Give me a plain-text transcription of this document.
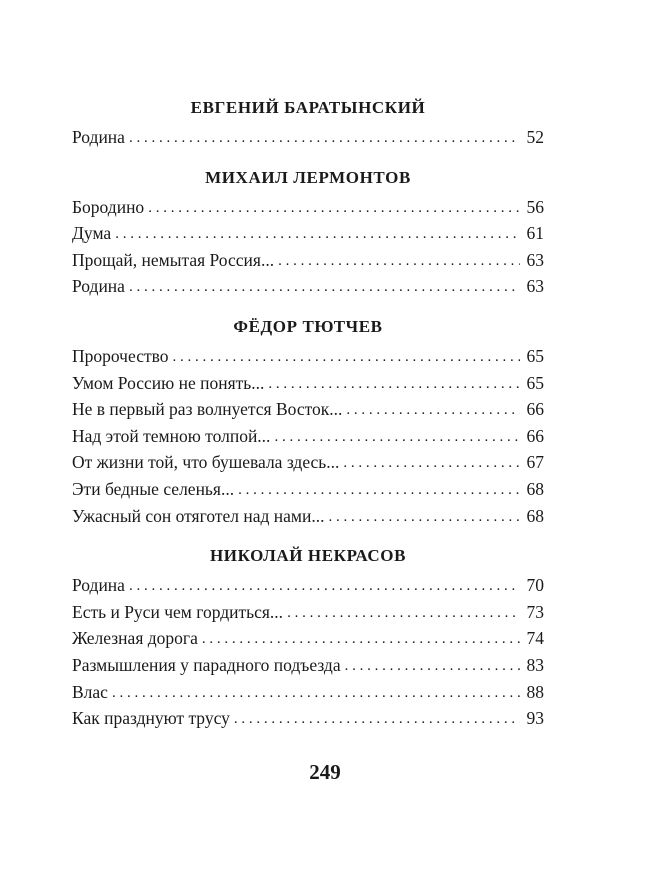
ЕВГЕНИЙ БАРАТЫНСКИЙ
Родина . . .	52
МИХАИЛ ЛЕРМОНТОВ
Бородино . . .	56
Дума . . .	61
Прощай, немытая Россия... . . .	63
Родина . . .	63
ФЁДОР ТЮТЧЕВ
Пророчество . . .	65
Умом Россию не понять... . . .	65
Не в первый раз волнуется Восток... . . .	66
Над этой темною толпой... . . .	66
От жизни той, что бушевала здесь... . . .	67
Эти бедные селенья... . . .	68
Ужасный сон отяготел над нами... . . .	68
НИКОЛАЙ НЕКРАСОВ
Родина . . .	70
Есть и Руси чем гордиться... . . .	73
Железная дорога . . .	74
Размышления у парадного подъезда . . .	83
Влас . . .	88
Как празднуют трусу . . .	93
249
